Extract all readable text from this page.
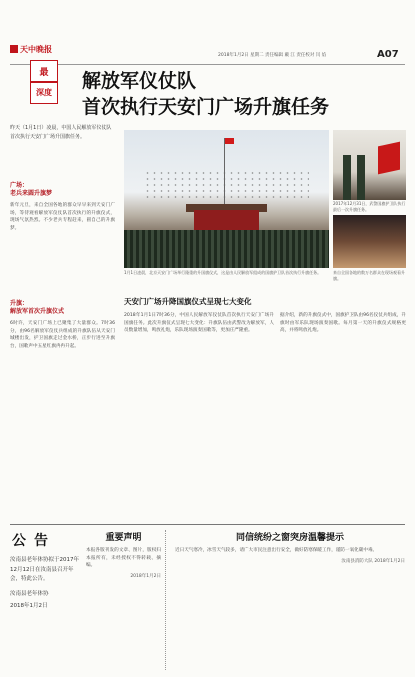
天中晚报
2018年1月2日 星期二 责任编辑 戴 江 责任校对 闫 焰	A07
最
深度
解放军仪仗队
首次执行天安门广场升旗任务
昨天（1月1日）凌晨，中国人民解放军仪仗队首次执行天安门广场升国旗任务。
广场：
老兵来圆升旗梦
新年元旦，来自全国各地的群众早早来到天安门广场，等待观看解放军仪仗队首次执行的升旗仪式，现场气氛热烈。不少老兵专程赶来，圆自己的升旗梦。
升旗：
解放军首次升旗仪式
6时许，天安门广场上已聚集了大量群众。7时36分，由96名解放军仪仗兵组成的升旗队伍从天安门城楼出发，护卫国旗走过金水桥，正步行进至升旗台，国歌声中五星红旗冉冉升起。
1月1日凌晨，北京天安门广场举行隆重的升国旗仪式，这是由人民解放军组成的国旗护卫队首次执行升旗任务。
2017年12月31日，武警国旗护卫队执行最后一次升旗任务。
来自全国各地的数万名群众在现场观看升旗。
天安门广场升降国旗仪式呈现七大变化
2018年1月1日7时36分，中国人民解放军仪仗队首次执行天安门广场升国旗任务。此次升旗仪式呈现七大变化：升旗队伍由武警改为解放军，人员数量增加，鸣放礼炮，乐队现场演奏国歌等，更加庄严隆重。
据介绍，新的升旗仪式中，国旗护卫队由96名仪仗兵组成，升旗时由军乐队现场演奏国歌。每月第一天的升旗仪式规格更高，并将鸣放礼炮。
公告
汝南县老年体协拟于2017年12月12日在汝南县召开年会，特此公告。
汝南县老年体协
2018年1月2日
重要声明
本报各版刊发的文章、图片，版权归本报所有，未经授权不得转载、摘编。
2018年1月2日
同信统纷之窗突房温馨提示
近日天气寒冷，冰雪天气较多，请广大市民注意出行安全，做好防寒保暖工作，谨防一氧化碳中毒。
汝南县消防大队 2018年1月2日
